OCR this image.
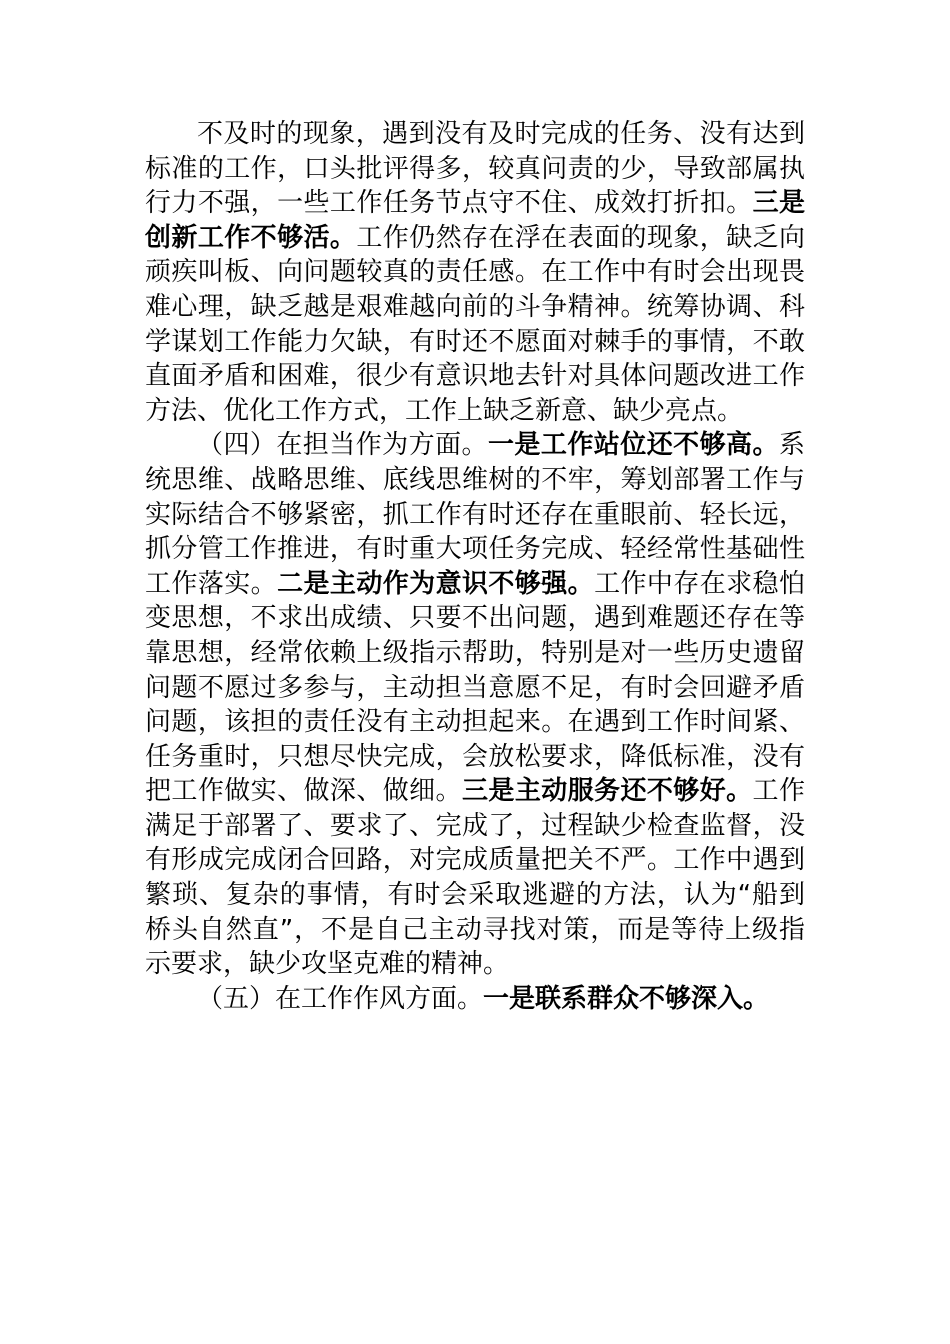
不及时的现象，遇到没有及时完成的任务、没有达到标准的工作，口头批评得多，较真问责的少，导致部属执行力不强，一些工作任务节点守不住、成效打折扣。三是创新工作不够活。工作仍然存在浮在表面的现象，缺乏向顽疾叫板、向问题较真的责任感。在工作中有时会出现畏难心理，缺乏越是艰难越向前的斗争精神。统筹协调、科学谋划工作能力欠缺，有时还不愿面对棘手的事情，不敢直面矛盾和困难，很少有意识地去针对具体问题改进工作方法、优化工作方式，工作上缺乏新意、缺少亮点。

（四）在担当作为方面。一是工作站位还不够高。系统思维、战略思维、底线思维树的不牢，筹划部署工作与实际结合不够紧密，抓工作有时还存在重眼前、轻长远，抓分管工作推进，有时重大项任务完成、轻经常性基础性工作落实。二是主动作为意识不够强。工作中存在求稳怕变思想，不求出成绩、只要不出问题，遇到难题还存在等靠思想，经常依赖上级指示帮助，特别是对一些历史遗留问题不愿过多参与，主动担当意愿不足，有时会回避矛盾问题，该担的责任没有主动担起来。在遇到工作时间紧、任务重时，只想尽快完成，会放松要求，降低标准，没有把工作做实、做深、做细。三是主动服务还不够好。工作满足于部署了、要求了、完成了，过程缺少检查监督，没有形成完成闭合回路，对完成质量把关不严。工作中遇到繁琐、复杂的事情，有时会采取逃避的方法，认为“船到桥头自然直”，不是自己主动寻找对策，而是等待上级指示要求，缺少攻坚克难的精神。

（五）在工作作风方面。一是联系群众不够深入。
